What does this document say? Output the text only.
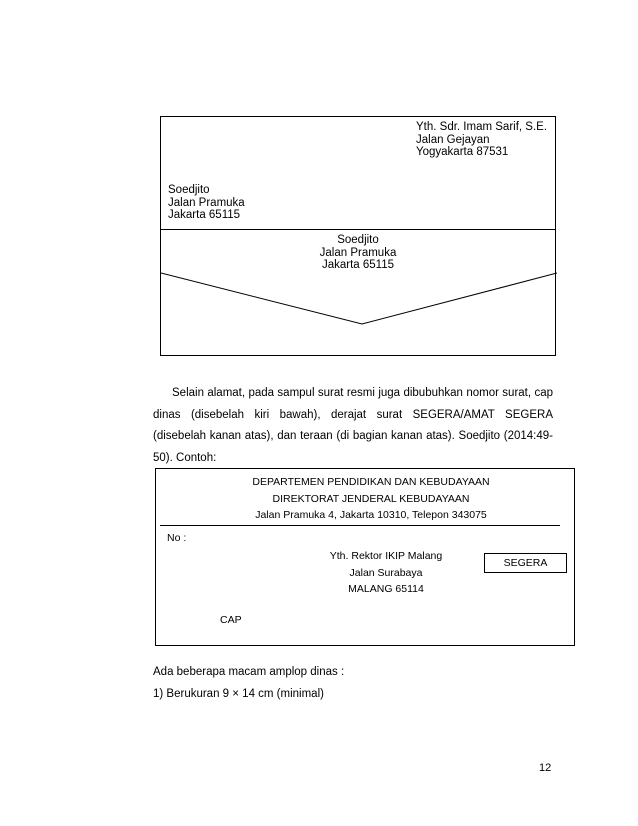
Yth. Sdr. Imam Sarif, S.E.
Jalan Gejayan
Yogyakarta 87531
Soedjito
Jalan Pramuka
Jakarta 65115
Soedjito
Jalan Pramuka
Jakarta 65115

Selain alamat, pada sampul surat resmi juga dibubuhkan nomor surat, cap dinas (disebelah kiri bawah), derajat surat SEGERA/AMAT SEGERA (disebelah kanan atas), dan teraan (di bagian kanan atas). Soedjito (2014:49-50). Contoh:

DEPARTEMEN PENDIDIKAN DAN KEBUDAYAAN
DIREKTORAT JENDERAL KEBUDAYAAN
Jalan Pramuka 4, Jakarta 10310, Telepon 343075
No :
Yth. Rektor IKIP Malang
Jalan Surabaya
MALANG 65114
SEGERA
CAP
Ada beberapa macam amplop dinas :
1) Berukuran 9 × 14 cm (minimal)
12
